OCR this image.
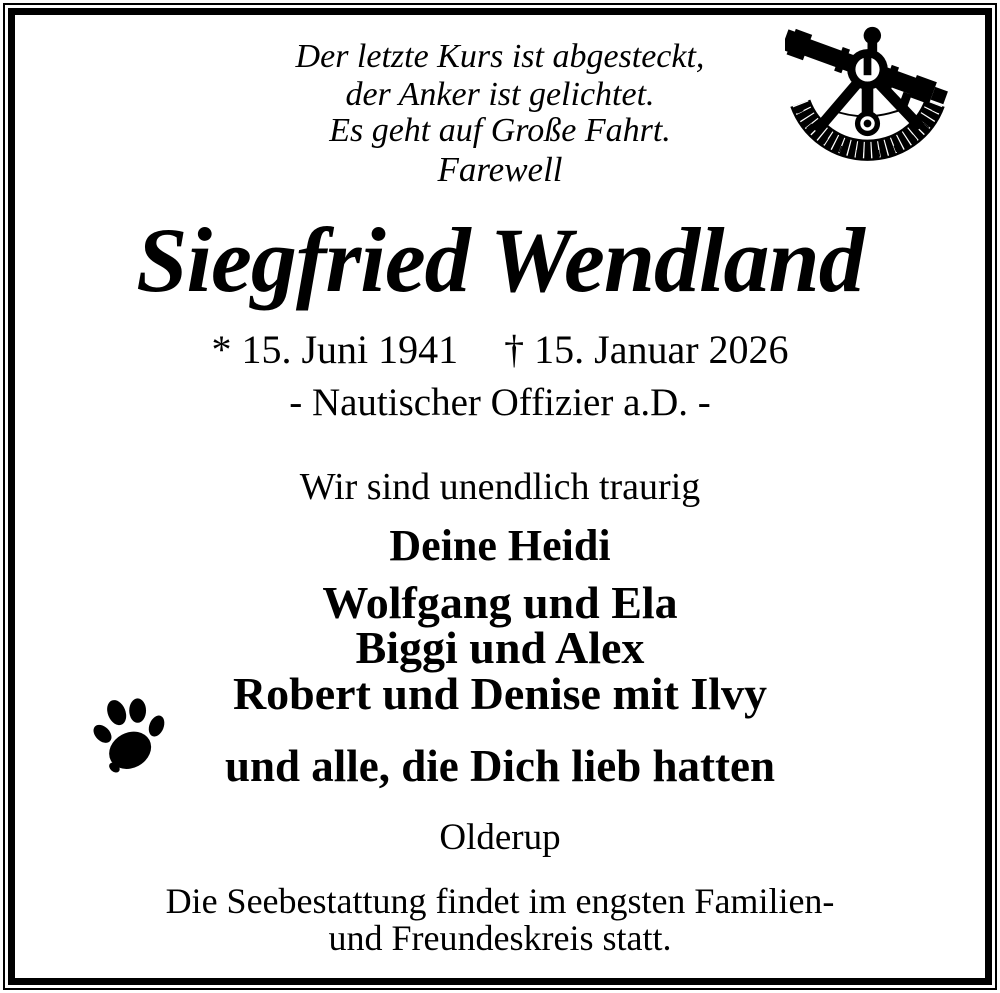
Der letzte Kurs ist abgesteckt,
der Anker ist gelichtet.
Es geht auf Große Fahrt.
Farewell
Siegfried Wendland
* 15. Juni 1941 † 15. Januar 2026
- Nautischer Offizier a.D. -
Wir sind unendlich traurig
Deine Heidi
Wolfgang und Ela
Biggi und Alex
Robert und Denise mit Ilvy
und alle, die Dich lieb hatten
Olderup
Die Seebestattung findet im engsten Familien-
und Freundeskreis statt.
